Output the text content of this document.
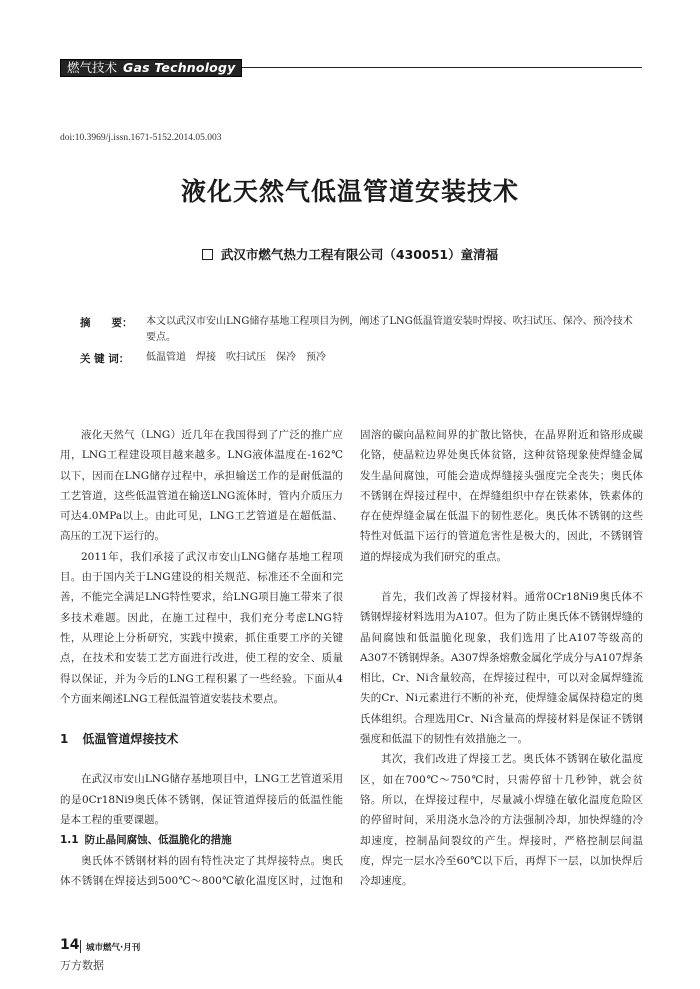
燃气技术 Gas Technology
doi:10.3969/j.issn.1671-5152.2014.05.003
液化天然气低温管道安装技术
武汉市燃气热力工程有限公司（430051）童清福
摘　　要： 本文以武汉市安山LNG储存基地工程项目为例，阐述了LNG低温管道安装时焊接、吹扫试压、保冷、预冷技术要点。
关 键 词： 低温管道　焊接　吹扫试压　保冷　预冷

液化天然气（LNG）近几年在我国得到了广泛的推广应用，LNG工程建设项目越来越多。LNG液体温度在-162℃以下，因而在LNG储存过程中，承担输送工作的是耐低温的工艺管道，这些低温管道在输送LNG流体时，管内介质压力可达4.0MPa以上。由此可见，LNG工艺管道是在超低温、高压的工况下运行的。

2011年，我们承接了武汉市安山LNG储存基地工程项目。由于国内关于LNG建设的相关规范、标准还不全面和完善，不能完全满足LNG特性要求，给LNG项目施工带来了很多技术难题。因此，在施工过程中，我们充分考虑LNG特性，从理论上分析研究，实践中摸索，抓住重要工序的关键点，在技术和安装工艺方面进行改进，使工程的安全、质量得以保证，并为今后的LNG工程积累了一些经验。下面从4个方面来阐述LNG工程低温管道安装技术要点。

1 低温管道焊接技术

在武汉市安山LNG储存基地项目中，LNG工艺管道采用的是0Cr18Ni9奥氏体不锈钢，保证管道焊接后的低温性能是本工程的重要课题。

1.1 防止晶间腐蚀、低温脆化的措施

奥氏体不锈钢材料的固有特性决定了其焊接特点。奥氏体不锈钢在焊接达到500℃～800℃敏化温度区时，过饱和

固溶的碳向晶粒间界的扩散比铬快，在晶界附近和铬形成碳化铬，使晶粒边界处奥氏体贫铬，这种贫铬现象使焊缝金属发生晶间腐蚀，可能会造成焊缝接头强度完全丧失；奥氏体不锈钢在焊接过程中，在焊缝组织中存在铁素体，铁素体的存在使焊缝金属在低温下的韧性恶化。奥氏体不锈钢的这些特性对低温下运行的管道危害性是极大的，因此，不锈钢管道的焊接成为我们研究的重点。

首先，我们改善了焊接材料。通常0Cr18Ni9奥氏体不锈钢焊接材料选用为A107。但为了防止奥氏体不锈钢焊缝的晶间腐蚀和低温脆化现象，我们选用了比A107等级高的A307不锈钢焊条。A307焊条熔敷金属化学成分与A107焊条相比，Cr、Ni含量较高，在焊接过程中，可以对金属焊缝流失的Cr、Ni元素进行不断的补充，使焊缝金属保持稳定的奥氏体组织。合理选用Cr、Ni含量高的焊接材料是保证不锈钢强度和低温下的韧性有效措施之一。

其次，我们改进了焊接工艺。奥氏体不锈钢在敏化温度区，如在700℃～750℃时，只需停留十几秒钟，就会贫铬。所以，在焊接过程中，尽量减小焊缝在敏化温度危险区的停留时间，采用浇水急冷的方法强制冷却，加快焊缝的冷却速度，控制晶间裂纹的产生。焊接时，严格控制层间温度，焊完一层水冷至60℃以下后，再焊下一层，以加快焊后冷却速度。

14 城市燃气·月刊
万方数据
